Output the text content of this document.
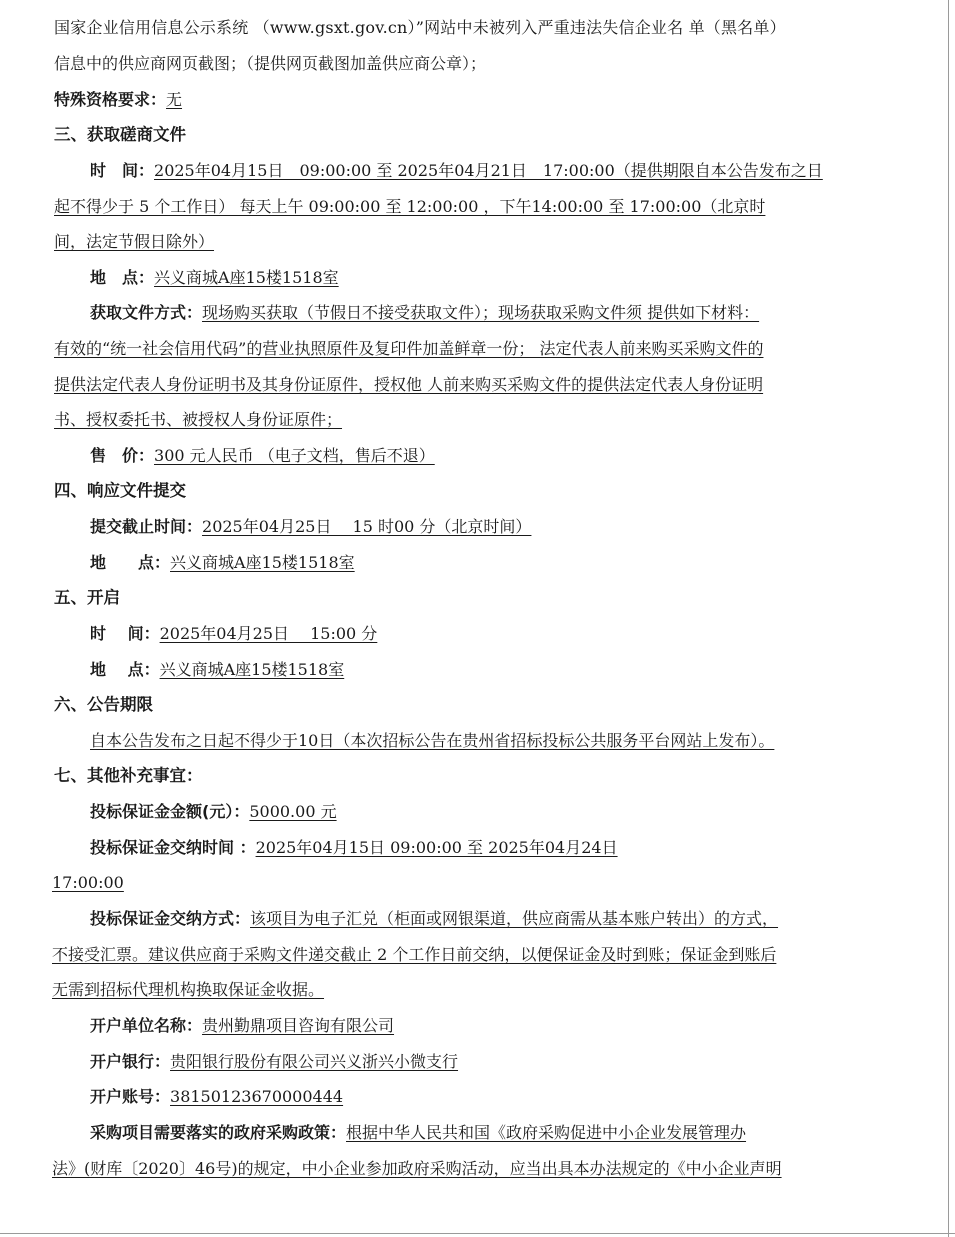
国家企业信用信息公示系统 （www.gsxt.gov.cn）”网站中未被列入严重违法失信企业名 单（黑名单）
信息中的供应商网页截图；（提供网页截图加盖供应商公章）；
特殊资格要求：无
三、获取磋商文件
时　间：2025年04月15日　09:00:00 至 2025年04月21日　17:00:00（提供期限自本公告发布之日
起不得少于 5 个工作日） 每天上午 09:00:00 至 12:00:00 ，下午14:00:00 至 17:00:00（北京时
间，法定节假日除外）
地　点：兴义商城A座15楼1518室
获取文件方式：现场购买获取（节假日不接受获取文件）；现场获取采购文件须 提供如下材料：
有效的“统一社会信用代码”的营业执照原件及复印件加盖鲜章一份； 法定代表人前来购买采购文件的
提供法定代表人身份证明书及其身份证原件，授权他 人前来购买采购文件的提供法定代表人身份证明
书、授权委托书、被授权人身份证原件；
售　价：300 元人民币 （电子文档，售后不退）
四、响应文件提交
提交截止时间：2025年04月25日　 15 时00 分（北京时间）
地　　点：兴义商城A座15楼1518室
五、开启
时　 间：2025年04月25日　 15:00 分
地　 点：兴义商城A座15楼1518室
六、公告期限
自本公告发布之日起不得少于10日（本次招标公告在贵州省招标投标公共服务平台网站上发布）。
七、其他补充事宜：
投标保证金金额(元）：5000.00 元
投标保证金交纳时间 ：2025年04月15日 09:00:00 至 2025年04月24日
17:00:00
投标保证金交纳方式：该项目为电子汇兑（柜面或网银渠道，供应商需从基本账户转出）的方式，
不接受汇票。建议供应商于采购文件递交截止 2 个工作日前交纳，以便保证金及时到账；保证金到账后
无需到招标代理机构换取保证金收据。
开户单位名称：贵州勤鼎项目咨询有限公司
开户银行：贵阳银行股份有限公司兴义浙兴小微支行
开户账号：38150123670000444
采购项目需要落实的政府采购政策：根据中华人民共和国《政府采购促进中小企业发展管理办
法》(财库〔2020〕46号)的规定，中小企业参加政府采购活动，应当出具本办法规定的《中小企业声明
